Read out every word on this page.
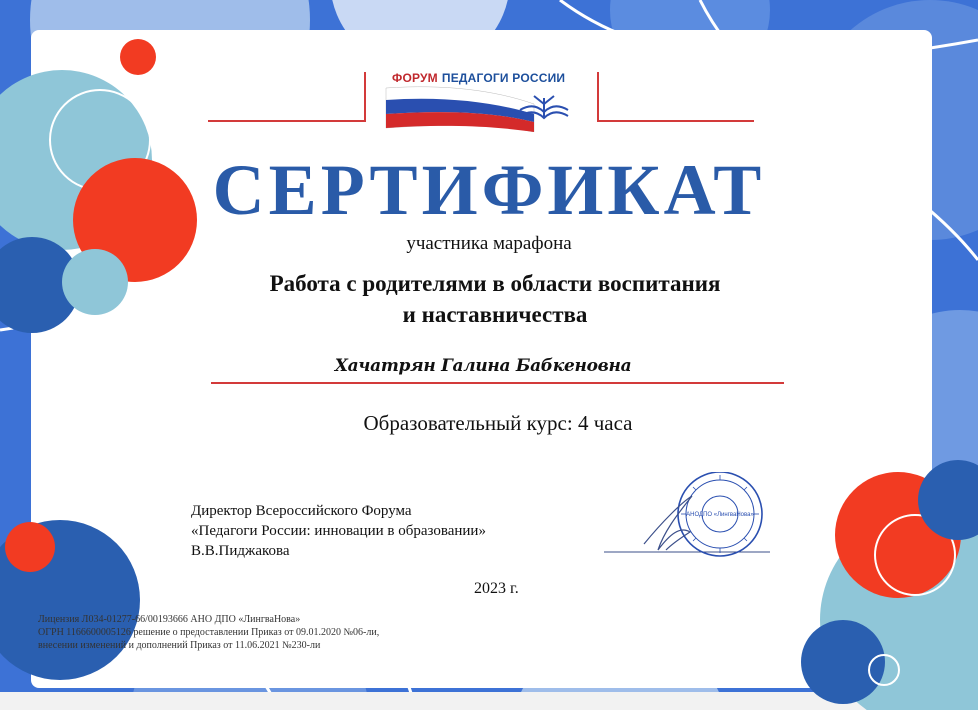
ФОРУМ ПЕДАГОГИ РОССИИ
СЕРТИФИКАТ
участника марафона
Работа с родителями в области воспитания
и наставничества
Хачатрян Галина Бабкеновна
Образовательный курс: 4 часа
Директор Всероссийского Форума
«Педагоги России: инновации в образовании»
В.В.Пиджакова
АНОДПО «ЛингваНова»
2023 г.
Лицензия Л034-01277-66/00193666 АНО ДПО «ЛингваНова»
ОГРН 1166600005126 решение о предоставлении Приказ от 09.01.2020 №06-ли,
внесении изменений и дополнений Приказ от 11.06.2021 №230-ли
